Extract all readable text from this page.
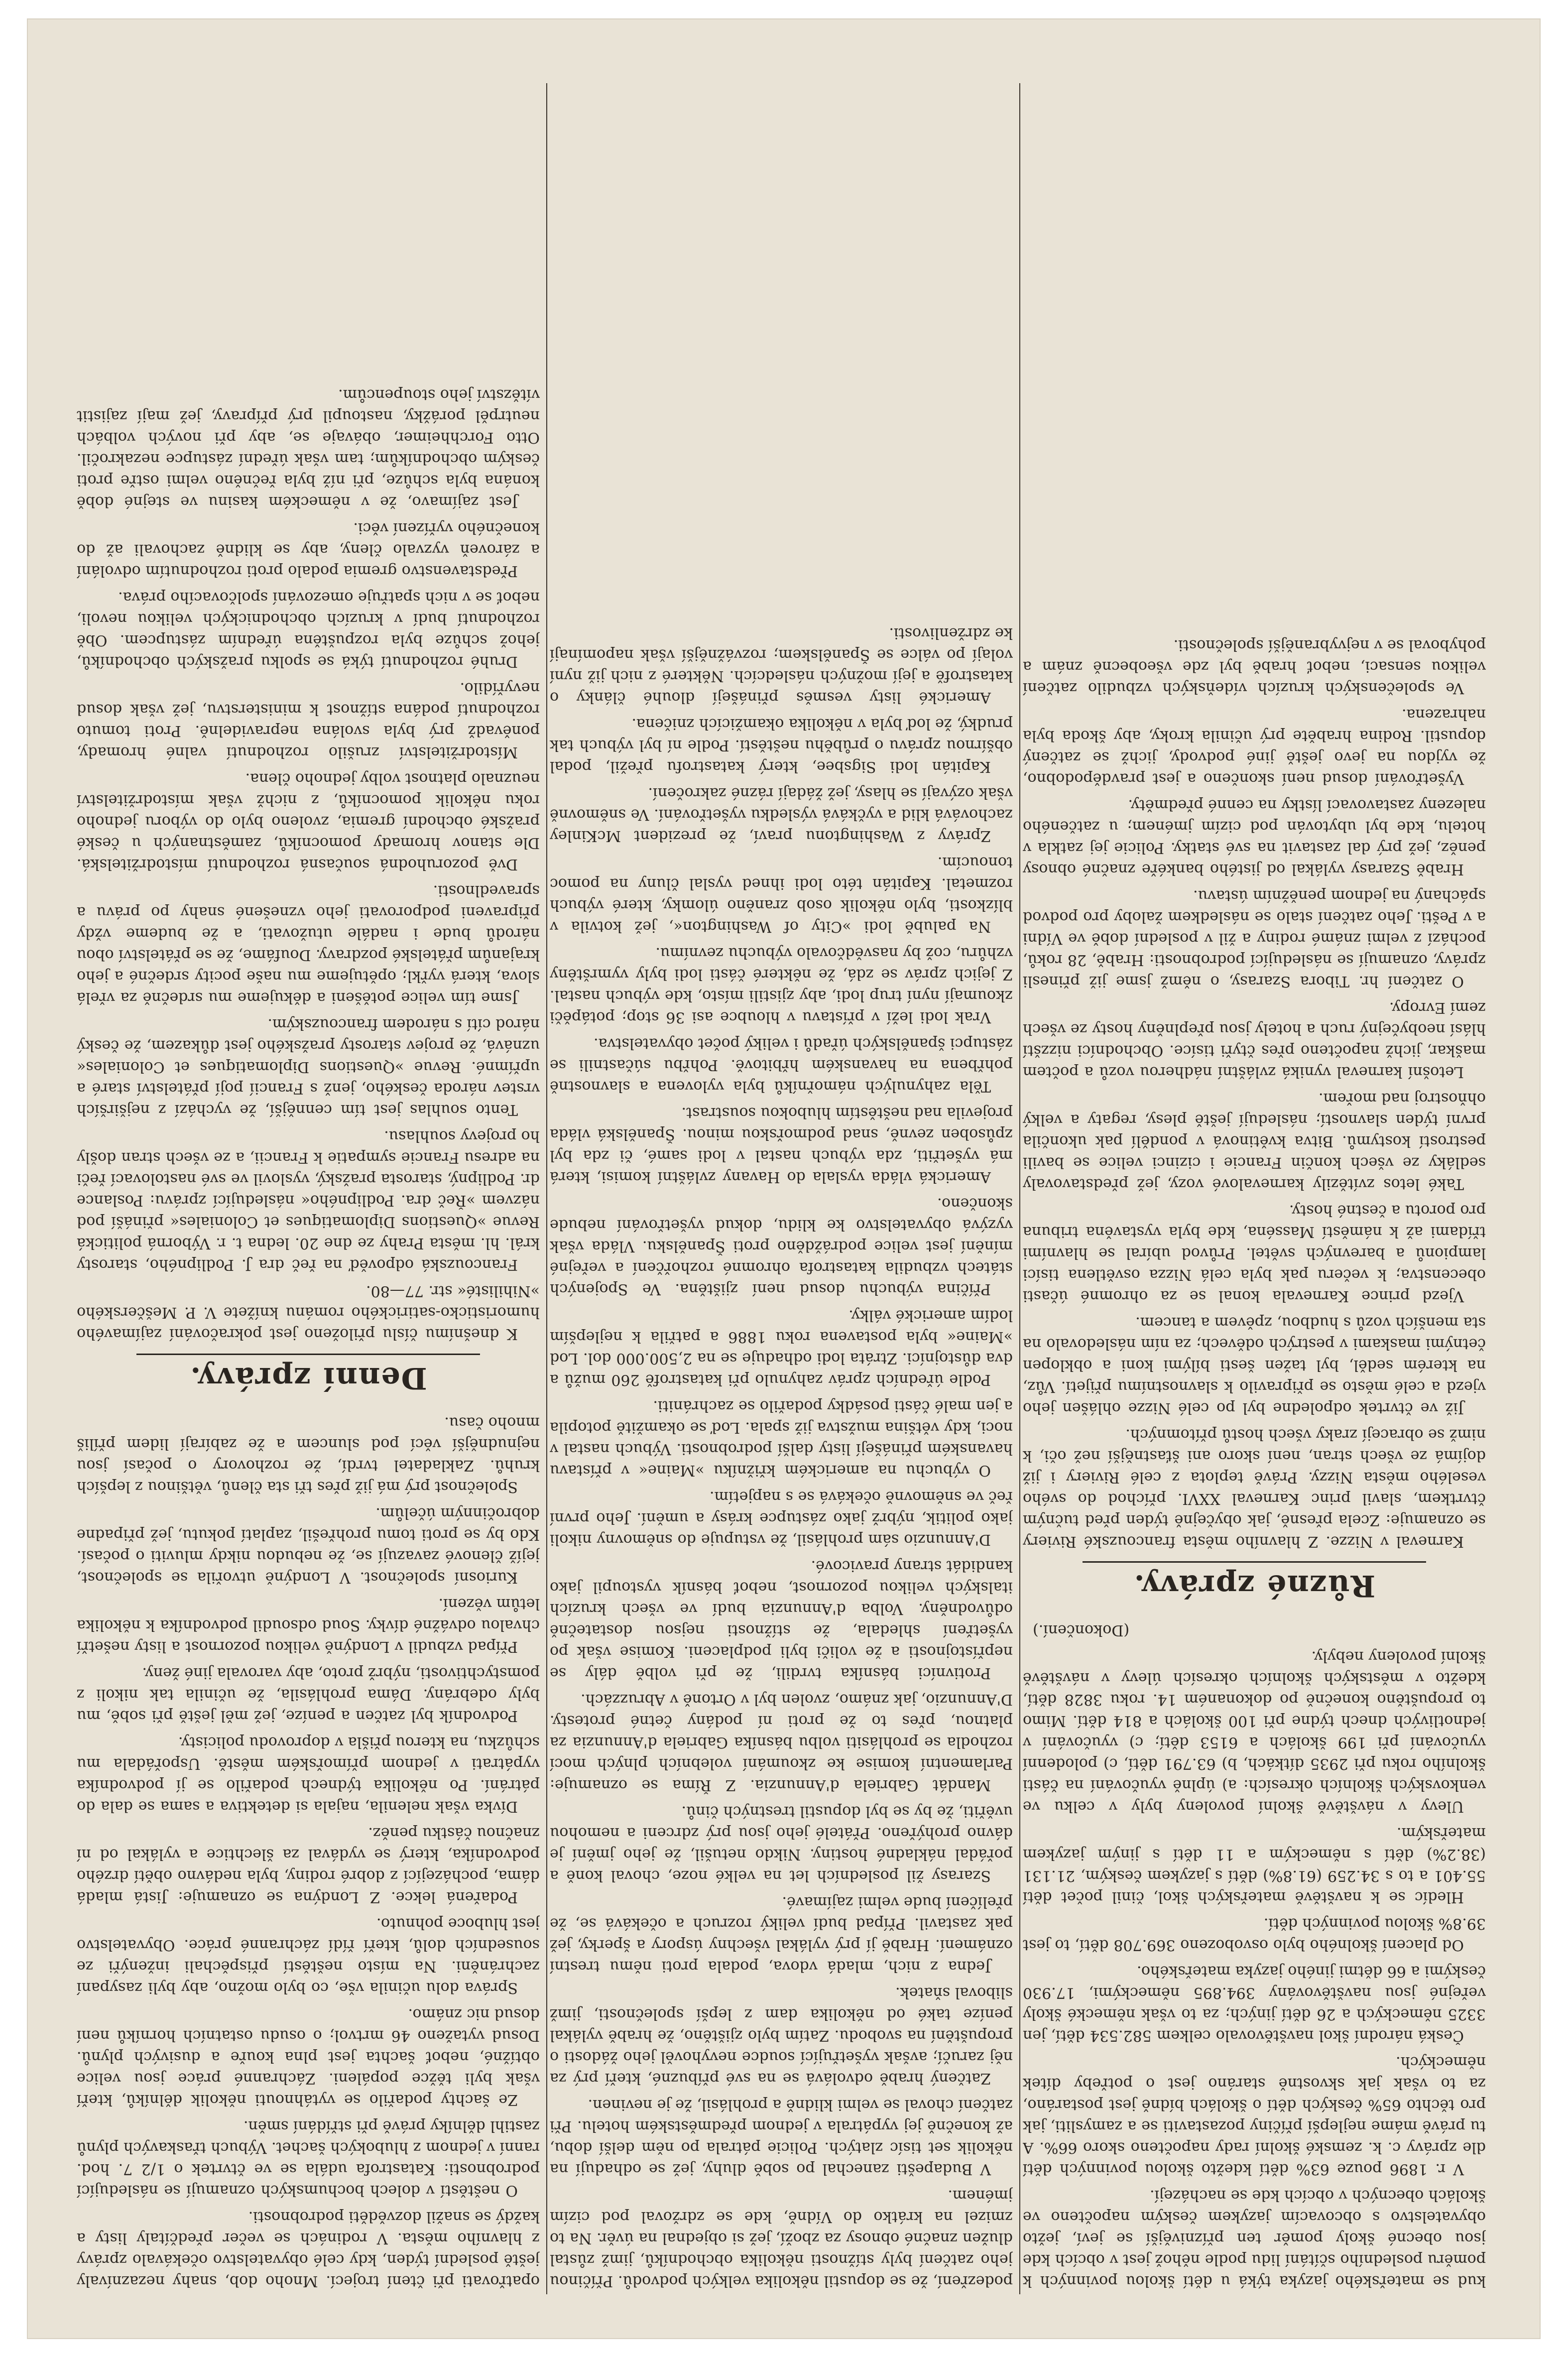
kud se mateřského jazyka týká u dětí školou povinných k poměru posledního sčítání lidu podle něhož jest v obcích kde jsou obecné školy poměr ten příznivější se jeví, ježto obyvatelstvo s obcovacím jazykem českým napočteno ve školách obecných v obcích kde se nacházejí.

V r. 1896 pouze 63% dětí kdežto školou povinných dětí dle zprávy c. k. zemské školní rady napočteno skoro 66%. A tu právě máme nejlepší příčiny pozastaviti se a zamysliti, jak pro těchto 65% českých dětí o školách bídně jest postaráno, za to však jak skvostně staráno jest o potřeby dítek německých.

Česká národní škol navštěvovalo celkem 582.534 dětí, jen 3325 německých a 26 dětí jiných; za to však německé školy veřejné jsou navštěvovány 394.895 německými, 17.930 českými a 66 dětmi jiného jazyka mateřského.

Od placení školného bylo osvobozeno 369.708 dětí, to jest 39.8% školou povinných dětí.

Hledíc se k navštěvě mateřských škol, činil počet dětí 55.401 a to s 34.259 (61.8%) dětí s jazykem českým, 21.131 (38.2%) dětí s německým a 11 dětí s jiným jazykem mateřským.

Ulevy v návštěvě školní povoleny byly v celku ve venkovských školních okresích: a) úplně vyučování na části školního roku při 2935 dítkách, b) 63.791 dětí, c) polodenní vyučování při 199 školách a 6153 dětí; c) vyučování v jednotlivých dnech týdne při 100 školách a 814 dětí. Mimo to propuštěno konečně po dokonaném 14. roku 3828 dětí, kdežto v městských školních okresích úlevy v návštěvě školní povoleny nebyly.

(Dokončení.)
Různé zprávy.

Karneval v Nizze. Z hlavního města francouzské Riviery se oznamuje: Zcela přesně, jak obyčejně týden před tučným čtvrtkem, slavil princ Karneval XXVI. příchod do svého veselého města Nizzy. Právě teplota z celé Riviery i již dojímá ze všech stran, není skoro ani šťastnější než oči, k nimž se obracejí zraky všech hostů přítomných.

Již ve čtvrtek odpoledne byl po celé Nizze ohlášen jeho vjezd a celé město se připravilo k slavnostnímu přijetí. Vůz, na kterém seděl, byl tažen šesti bílými koni a obklopen četnými maskami v pestrých oděvech; za ním následovalo na sta menších vozů s hudbou, zpěvem a tancem.

Vjezd prince Karnevala konal se za ohromné účasti obecenstva; k večeru pak byla celá Nizza osvětlena tisíci lampionů a barevných světel. Průvod ubíral se hlavními třídami až k náměstí Masséna, kde byla vystavěna tribuna pro porotu a čestné hosty.

Také letos zvítězily karnevalové vozy, jež představovaly sedláky ze všech končin Francie i cizinci velice se bavili pestrostí kostymů. Bitva květinová v pondělí pak ukončila první týden slavností; následují ještě plesy, regaty a velký ohňostroj nad mořem.

Letošní karneval vyniká zvláštní nádherou vozů a počtem maškar, jichž napočteno přes čtyři tisíce. Obchodníci nizzští hlásí neobyčejný ruch a hotely jsou přeplněny hosty ze všech zemí Evropy.

O zatčení hr. Tibora Szarasy, o němž jsme již přinesli zprávy, oznamují se následující podrobnosti: Hrabě, 28 roků, pochází z velmi známé rodiny a žil v poslední době ve Vídni a v Pešti. Jeho zatčení stalo se následkem žaloby pro podvod spáchaný na jednom peněžním ústavu.

Hrabě Szarasy vylákal od jistého bankéře značné obnosy peněz, jež prý dal zastavit na své statky. Policie jej zatkla v hotelu, kde byl ubytován pod cizím jménem; u zatčeného nalezeny zastavovací lístky na cenné předměty.

Vyšetřování dosud není skončeno a jest pravděpodobno, že vyjdou na jevo ještě jiné podvody, jichž se zatčený dopustil. Rodina hraběte prý učinila kroky, aby škoda byla nahrazena.

Ve společenských kruzích vídeňských vzbudilo zatčení velikou sensaci, neboť hrabě byl zde všeobecně znám a pohyboval se v nejvybranější společnosti.

podezření, že se dopustil několika velkých podvodů. Příčinou jeho zatčení byly stížnosti několika obchodníků, jimž zůstal dlužen značné obnosy za zboží, jež si objednal na úvěr. Na to zmizel na krátko do Vídně, kde se zdržoval pod cizím jménem.

V Budapešti zanechal po sobě dluhy, jež se odhadují na několik set tisíc zlatých. Policie pátrala po něm delší dobu, až konečně jej vypátrala v jednom předměstském hotelu. Při zatčení choval se velmi klidně a prohlásil, že je nevinen.

Zatčený hrabě odvolává se na své příbuzné, kteří prý za něj zaručí; avšak vyšetřující soudce nevyhověl jeho žádosti o propuštění na svobodu. Zatím bylo zjištěno, že hrabě vylákal peníze také od několika dam z lepší společnosti, jimž sliboval sňatek.

Jedna z nich, mladá vdova, podala proti němu trestní oznámení. Hrabě jí prý vylákal všechny úspory a šperky, jež pak zastavil. Případ budí veliký rozruch a očekává se, že přelíčení bude velmi zajímavé.

Szarasy žil posledních let na velké noze, choval koně a pořádal nákladné hostiny. Nikdo netušil, že jeho jmění je dávno prohýřeno. Přátelé jeho jsou prý zdrceni a nemohou uvěřiti, že by se byl dopustil trestných činů.

Mandát Gabriela d'Annunzia. Z Říma se oznamuje: Parlamentní komise ke zkoumání volebních plných mocí rozhodla se prohlásiti volbu básníka Gabriela d'Annunzia za platnou, přes to že proti ní podány četné protesty. D'Annunzio, jak známo, zvolen byl v Ortoně v Abruzzách.

Protivníci básníka tvrdili, že při volbě dály se nepřístojnosti a že voliči byli podplaceni. Komise však po vyšetření shledala, že stížnosti nejsou dostatečně odůvodněny. Volba d'Annunzia budí ve všech kruzích italských velikou pozornost, neboť básník vystoupil jako kandidát strany pravicové.

D'Annunzio sám prohlásil, že vstupuje do sněmovny nikoli jako politik, nýbrž jako zástupce krásy a umění. Jeho první řeč ve sněmovně očekává se s napjetím.

O výbuchu na americkém křižníku »Maine« v přístavu havanském přinášejí listy další podrobnosti. Výbuch nastal v noci, kdy většina mužstva již spala. Loď se okamžitě potopila a jen malé části posádky podařilo se zachrániti.

Podle úředních zpráv zahynulo při katastrofě 260 mužů a dva důstojníci. Ztráta lodi odhaduje se na 2,500.000 dol. Lod »Maine« byla postavena roku 1886 a patřila k nejlepším lodím americké války.

Příčina výbuchu dosud není zjištěna. Ve Spojených státech vzbudila katastrofa ohromné rozhořčení a veřejné mínění jest velice podrážděno proti Španělsku. Vláda však vyzývá obyvatelstvo ke klidu, dokud vyšetřování nebude skončeno.

Americká vláda vyslala do Havany zvláštní komisi, která má vyšetřiti, zda výbuch nastal v lodi samé, či zda byl způsoben zevně, snad podmořskou minou. Španělská vláda projevila nad neštěstím hlubokou soustrast.

Těla zahynulých námořníků byla vylovena a slavnostně pohřbena na havanském hřbitově. Pohřbu súčastnili se zástupci španělských úřadů i veliký počet obyvatelstva.

Vrak lodi leží v přístavu v hloubce asi 36 stop; potápěči zkoumají nyní trup lodi, aby zjistili místo, kde výbuch nastal. Z jejich zpráv se zdá, že některé části lodi byly vymrštěny vzhůru, což by nasvědčovalo výbuchu zevnímu.

Na palubě lodi »City of Washington«, jež kotvila v blízkosti, bylo několik osob zraněno úlomky, které výbuch rozmetal. Kapitán této lodi ihned vyslal čluny na pomoc tonoucím.

Zprávy z Washingtonu praví, že prezident McKinley zachovává klid a vyčkává výsledku vyšetřování. Ve sněmovně však ozývají se hlasy, jež žádají rázné zakročení.

Kapitán lodi Sigsbee, který katastrofu přežil, podal obšírnou zprávu o průběhu neštěstí. Podle ní byl výbuch tak prudký, že loď byla v několika okamžicích zničena.

Americké listy vesměs přinášejí dlouhé články o katastrofě a její možných následcích. Některé z nich již nyní volají po válce se Španělskem; rozvážnější však napomínají ke zdrženlivosti.

opatřovati při čtení trojecí. Mnoho dob, snahy nezaznívaly ještě poslední týden, kdy celé obyvatelstvo očekávalo zprávy z hlavního města. V rodinách se večer předčítaly listy a každý se snažil dozvěděti podrobnosti.

O neštěstí v dolech bochumských oznamují se následující podrobnosti: Katastrofa udála se ve čtvrtek o 1/2 7. hod. ranní v jednom z hlubokých šachet. Výbuch třaskavých plynů zastihl dělníky právě při střídání směn.

Ze šachty podařilo se vytáhnouti několik dělníků, kteří však byli těžce popáleni. Záchranné práce jsou velice obtížné, neboť šachta jest plna kouře a dusivých plynů. Dosud vytaženo 46 mrtvol; o osudu ostatních horníků není dosud nic známo.

Správa dolu učinila vše, co bylo možno, aby byli zasypaní zachráněni. Na místo neštěstí přispěchali inženýři ze sousedních dolů, kteří řídí záchranné práce. Obyvatelstvo jest hluboce pohnuto.

Podařená lekce. Z Londýna se oznamuje: Jistá mladá dáma, pocházející z dobré rodiny, byla nedávno obětí drzého podvodníka, který se vydával za šlechtice a vylákal od ní značnou částku peněz.

Dívka však nelenila, najala si detektiva a sama se dala do pátrání. Po několika týdnech podařilo se jí podvodníka vypátrati v jednom přímořském městě. Uspořádala mu schůzku, na kterou přišla v doprovodu policisty.

Podvodník byl zatčen a peníze, jež měl ještě při sobě, mu byly odebrány. Dáma prohlásila, že učinila tak nikoli z pomstychtivosti, nýbrž proto, aby varovala jiné ženy.

Případ vzbudil v Londýně velikou pozornost a listy nešetří chvalou odvážné dívky. Soud odsoudil podvodníka k několika letům vězení.

Kuriosní společnost. V Londýně utvořila se společnost, jejíž členové zavazují se, že nebudou nikdy mluviti o počasí. Kdo by se proti tomu prohřešil, zaplatí pokutu, jež připadne dobročinným účelům.

Společnost prý má již přes tři sta členů, většinou z lepších kruhů. Zakladatel tvrdí, že rozhovory o počasí jsou nejnudnější věcí pod sluncem a že zabírají lidem příliš mnoho času.

Denní zprávy.

K dnešnímu číslu přiloženo jest pokračování zajímavého humoristicko-satirického románu knížete V. P. Meščerského »Nihilisté« str. 77—80.

Francouzská odpověď na řeč dra J. Podlipného, starosty král. hl. města Prahy ze dne 20. ledna t. r. Výborná politická Revue »Questions Diplomatiques et Coloniales« přináší pod názvem »Řeč dra. Podlipného« následující zprávu: Poslance dr. Podlipný, starosta pražský, vyslovil ve své nastolovací řeči na adresu Francie sympatie k Francii, a ze všech stran došly ho projevy souhlasu.

Tento souhlas jest tím cennější, že vychází z nejširších vrstev národa českého, jenž s Francií pojí přátelství staré a upřímné. Revue »Questions Diplomatiques et Coloniales« uznává, že projev starosty pražského jest důkazem, že český národ cítí s národem francouzským.

Jsme tím velice potěšeni a děkujeme mu srdečně za vřelá slova, která vyřkl; opětujeme mu naše pocity srdečné a jeho krajanům přátelské pozdravy. Doufáme, že se přátelství obou národů bude i nadále utužovati, a že budeme vždy připraveni podporovati jeho vznešené snahy po právu a spravedlnosti.

Dvě pozoruhodná současná rozhodnutí místodržitelská. Dle stanov hromady pomocníků, zaměstnaných u české pražské obchodní gremia, zvoleno bylo do výboru jednoho roku několik pomocníků, z nichž však místodržitelství neuznalo platnost volby jednoho člena.

Místodržitelství zrušilo rozhodnutí valné hromady, poněvadž prý byla svolána nepravidelně. Proti tomuto rozhodnutí podána stížnost k ministerstvu, jež však dosud nevyřídilo.

Druhé rozhodnutí týká se spolku pražských obchodníků, jehož schůze byla rozpuštěna úředním zástupcem. Obě rozhodnutí budí v kruzích obchodnických velikou nevoli, neboť se v nich spatřuje omezování spolčovacího práva.

Představenstvo gremia podalo proti rozhodnutím odvolání a zároveň vyzvalo členy, aby se klidně zachovali až do konečného vyřízení věci.

Jest zajímavo, že v německém kasinu ve stejné době konána byla schůze, při níž byla řečněno velmi ostře proti českým obchodníkům; tam však úřední zástupce nezakročil. Otto Forchheimer, obávaje se, aby při nových volbách neutrpěl porážky, nastoupil prý přípravy, jež mají zajistit vítězství jeho stoupencům.
